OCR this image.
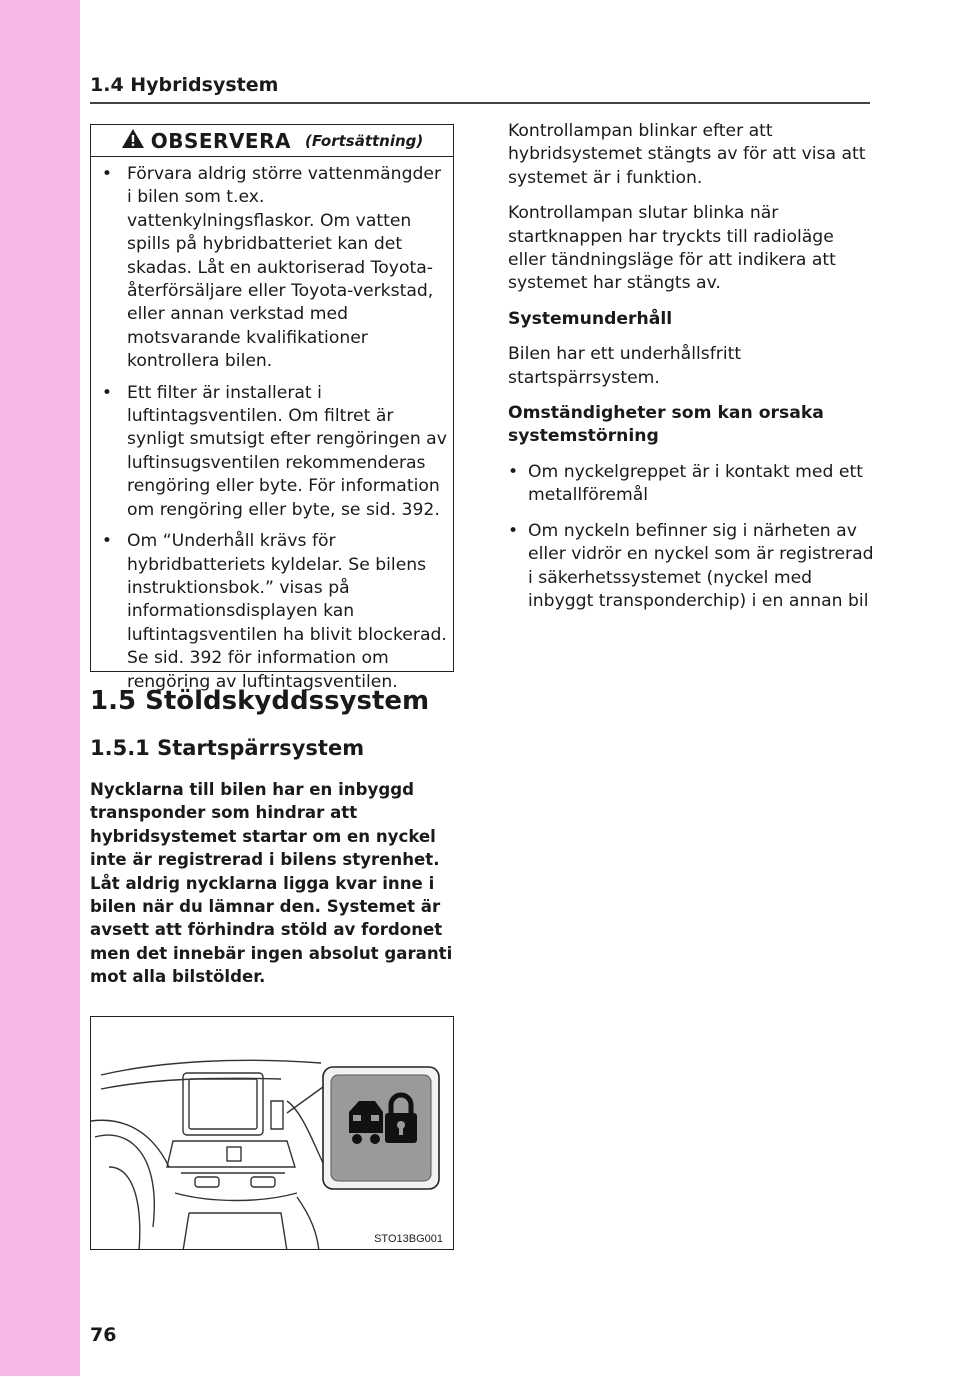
1.4 Hybridsystem
OBSERVERA (Fortsättning)
• Förvara aldrig större vattenmängder i bilen som t.ex. vattenkylningsflaskor. Om vatten spills på hybridbatteriet kan det skadas. Låt en auktoriserad Toyota-återförsäljare eller Toyota-verkstad, eller annan verkstad med motsvarande kvalifikationer kontrollera bilen.
• Ett filter är installerat i luftintagsventilen. Om filtret är synligt smutsigt efter rengöringen av luftinsugsventilen rekommenderas rengöring eller byte. För information om rengöring eller byte, se sid. 392.
• Om “Underhåll krävs för hybridbatteriets kyldelar. Se bilens instruktionsbok.” visas på informationsdisplayen kan luftintagsventilen ha blivit blockerad. Se sid. 392 för information om rengöring av luftintagsventilen.
1.5 Stöldskyddssystem
1.5.1 Startspärrsystem
Nycklarna till bilen har en inbyggd transponder som hindrar att hybridsystemet startar om en nyckel inte är registrerad i bilens styrenhet. Låt aldrig nycklarna ligga kvar inne i bilen när du lämnar den. Systemet är avsett att förhindra stöld av fordonet men det innebär ingen absolut garanti mot alla bilstölder.
STO13BG001
76

Kontrollampan blinkar efter att hybridsystemet stängts av för att visa att systemet är i funktion.

Kontrollampan slutar blinka när startknappen har tryckts till radioläge eller tändningsläge för att indikera att systemet har stängts av.

Systemunderhåll

Bilen har ett underhållsfritt startspärrsystem.

Omständigheter som kan orsaka systemstörning

• Om nyckelgreppet är i kontakt med ett metallföremål
• Om nyckeln befinner sig i närheten av eller vidrör en nyckel som är registrerad i säkerhetssystemet (nyckel med inbyggt transponderchip) i en annan bil
